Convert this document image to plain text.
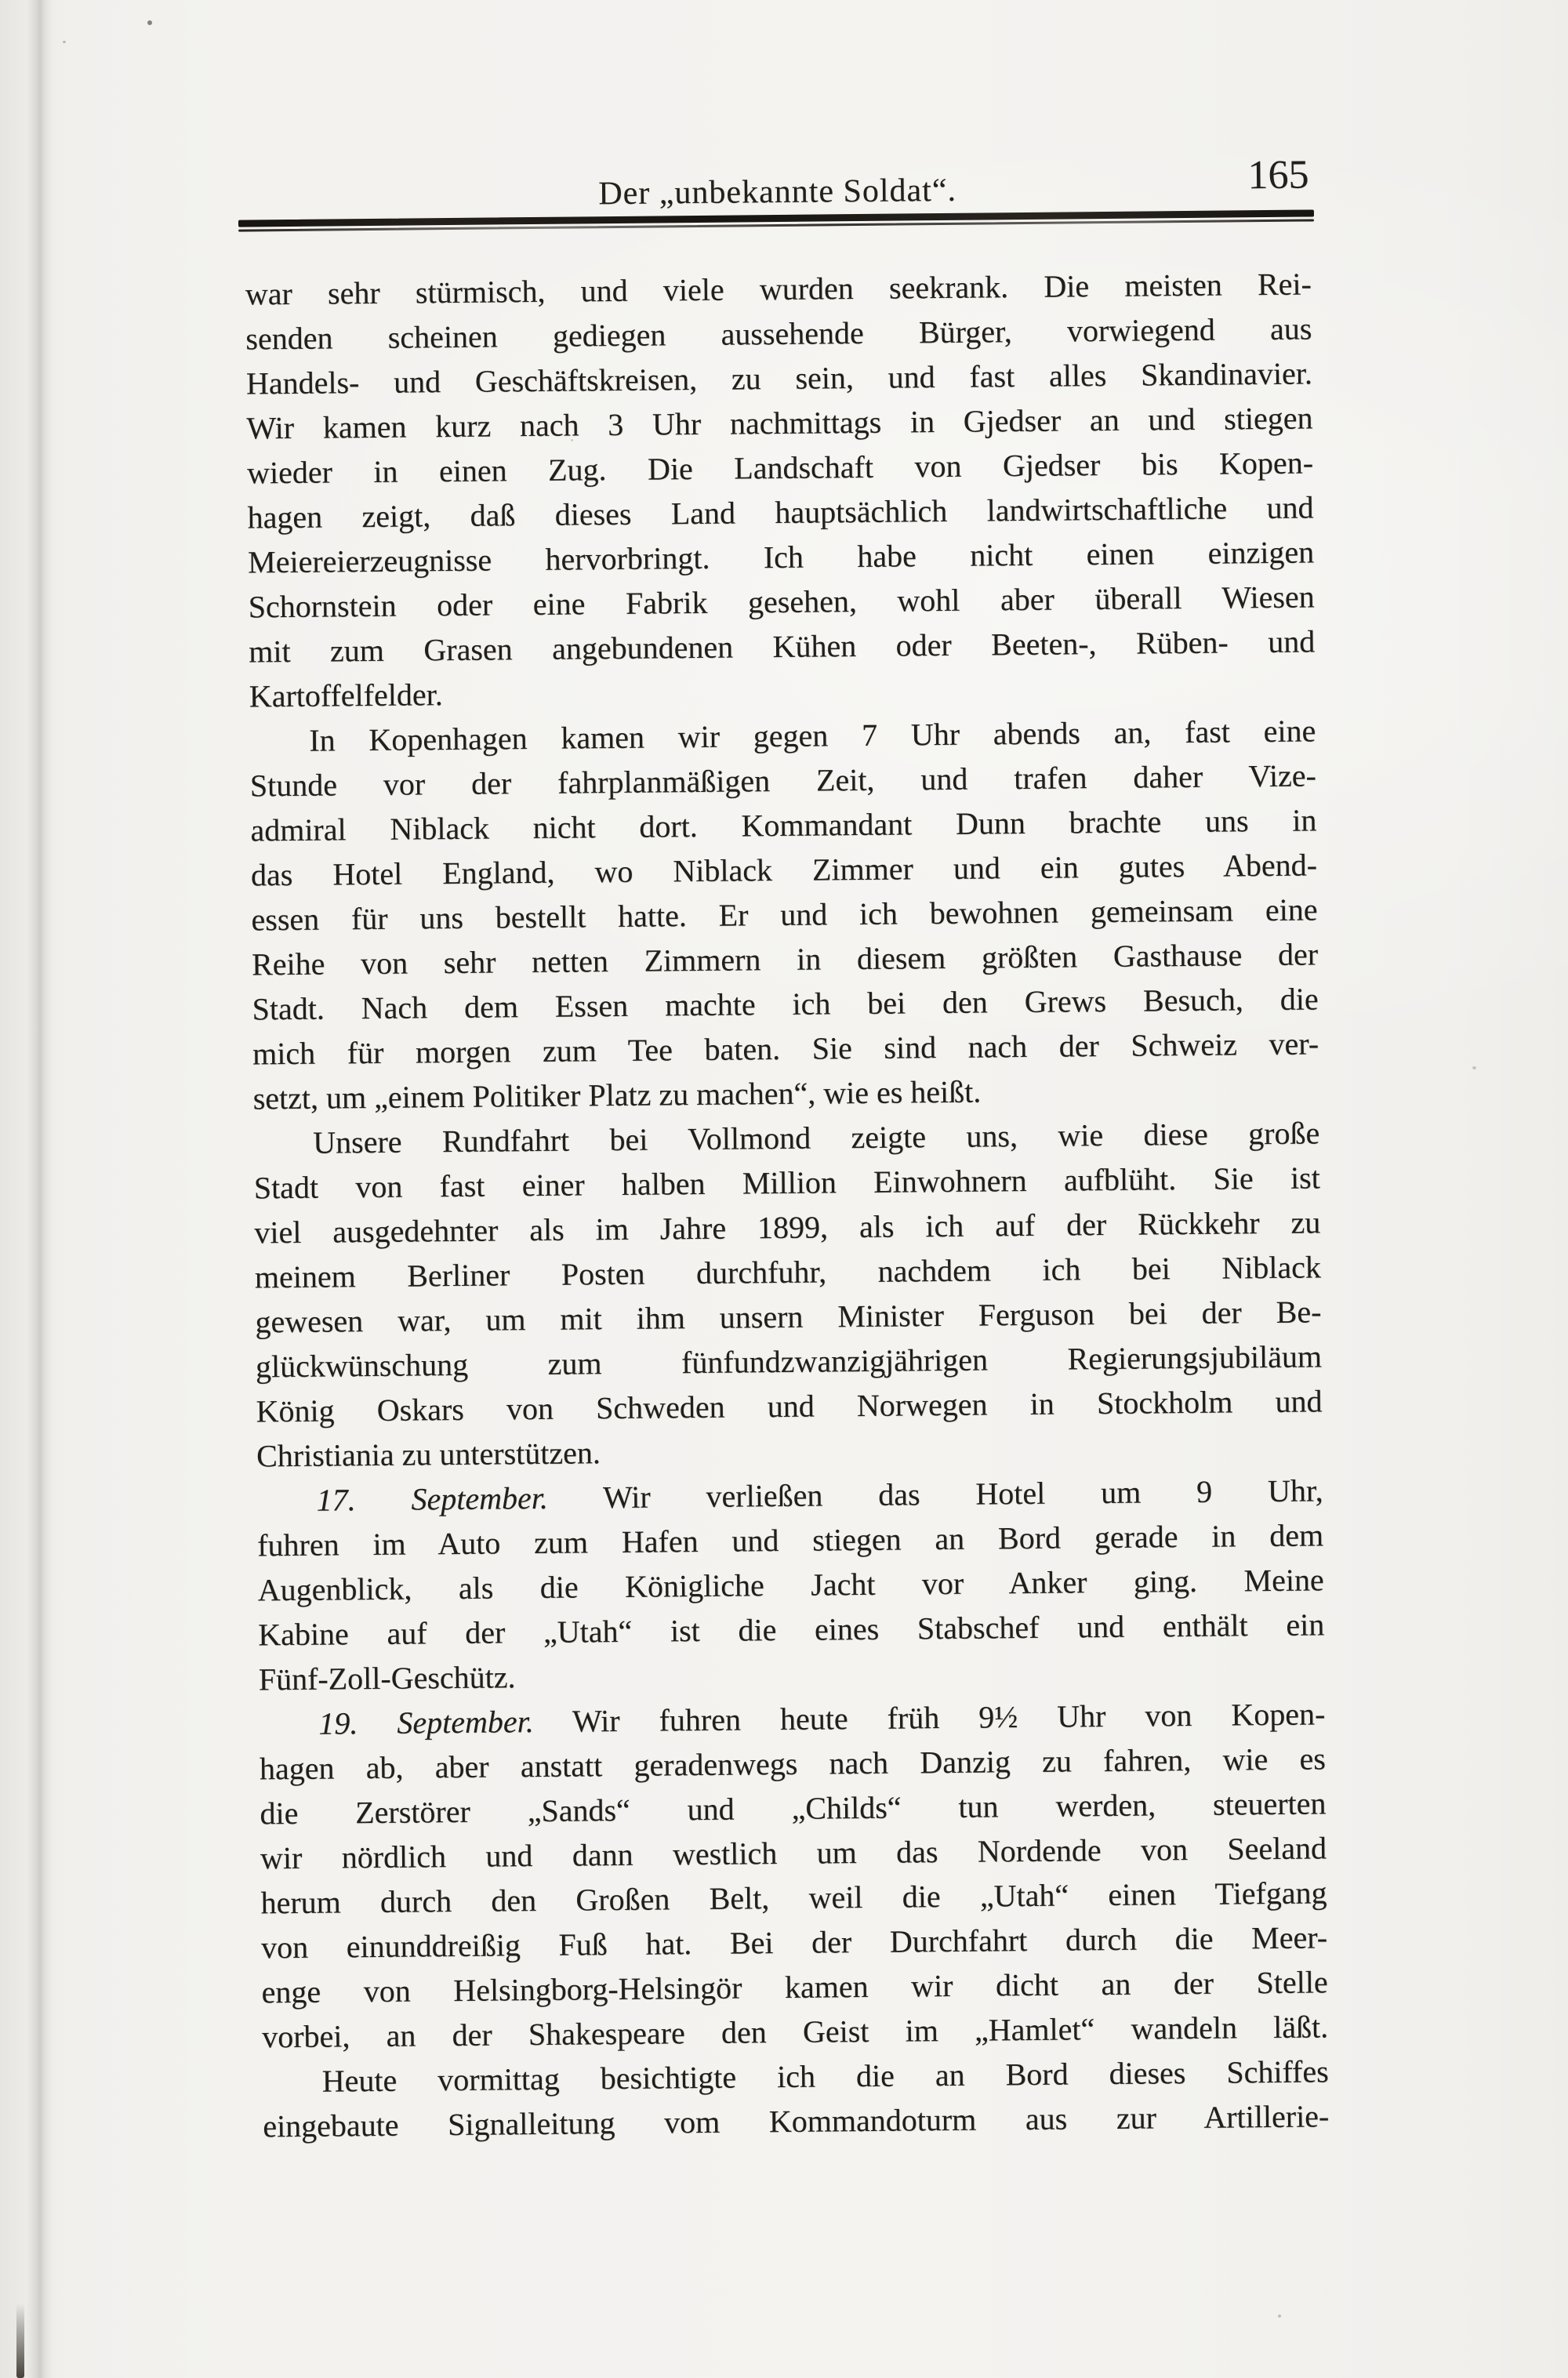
Der „unbekannte Soldat“.	165

war sehr stürmisch, und viele wurden seekrank. Die meisten Rei-
senden scheinen gediegen aussehende Bürger, vorwiegend aus
Handels- und Geschäftskreisen, zu sein, und fast alles Skandinavier.
Wir kamen kurz nach 3 Uhr nachmittags in Gjedser an und stiegen
wieder in einen Zug. Die Landschaft von Gjedser bis Kopen-
hagen zeigt, daß dieses Land hauptsächlich landwirtschaftliche und
Meiereierzeugnisse hervorbringt. Ich habe nicht einen einzigen
Schornstein oder eine Fabrik gesehen, wohl aber überall Wiesen
mit zum Grasen angebundenen Kühen oder Beeten-, Rüben- und
Kartoffelfelder.

In Kopenhagen kamen wir gegen 7 Uhr abends an, fast eine
Stunde vor der fahrplanmäßigen Zeit, und trafen daher Vize-
admiral Niblack nicht dort. Kommandant Dunn brachte uns in
das Hotel England, wo Niblack Zimmer und ein gutes Abend-
essen für uns bestellt hatte. Er und ich bewohnen gemeinsam eine
Reihe von sehr netten Zimmern in diesem größten Gasthause der
Stadt. Nach dem Essen machte ich bei den Grews Besuch, die
mich für morgen zum Tee baten. Sie sind nach der Schweiz ver-
setzt, um „einem Politiker Platz zu machen“, wie es heißt.

Unsere Rundfahrt bei Vollmond zeigte uns, wie diese große
Stadt von fast einer halben Million Einwohnern aufblüht. Sie ist
viel ausgedehnter als im Jahre 1899, als ich auf der Rückkehr zu
meinem Berliner Posten durchfuhr, nachdem ich bei Niblack
gewesen war, um mit ihm unsern Minister Ferguson bei der Be-
glückwünschung zum fünfundzwanzigjährigen Regierungsjubiläum
König Oskars von Schweden und Norwegen in Stockholm und
Christiania zu unterstützen.

17. September. Wir verließen das Hotel um 9 Uhr,
fuhren im Auto zum Hafen und stiegen an Bord gerade in dem
Augenblick, als die Königliche Jacht vor Anker ging. Meine
Kabine auf der „Utah“ ist die eines Stabschef und enthält ein
Fünf-Zoll-Geschütz.

19. September. Wir fuhren heute früh 9½ Uhr von Kopen-
hagen ab, aber anstatt geradenwegs nach Danzig zu fahren, wie es
die Zerstörer „Sands“ und „Childs“ tun werden, steuerten
wir nördlich und dann westlich um das Nordende von Seeland
herum durch den Großen Belt, weil die „Utah“ einen Tiefgang
von einunddreißig Fuß hat. Bei der Durchfahrt durch die Meer-
enge von Helsingborg-Helsingör kamen wir dicht an der Stelle
vorbei, an der Shakespeare den Geist im „Hamlet“ wandeln läßt.

Heute vormittag besichtigte ich die an Bord dieses Schiffes
eingebaute Signalleitung vom Kommandoturm aus zur Artillerie-
